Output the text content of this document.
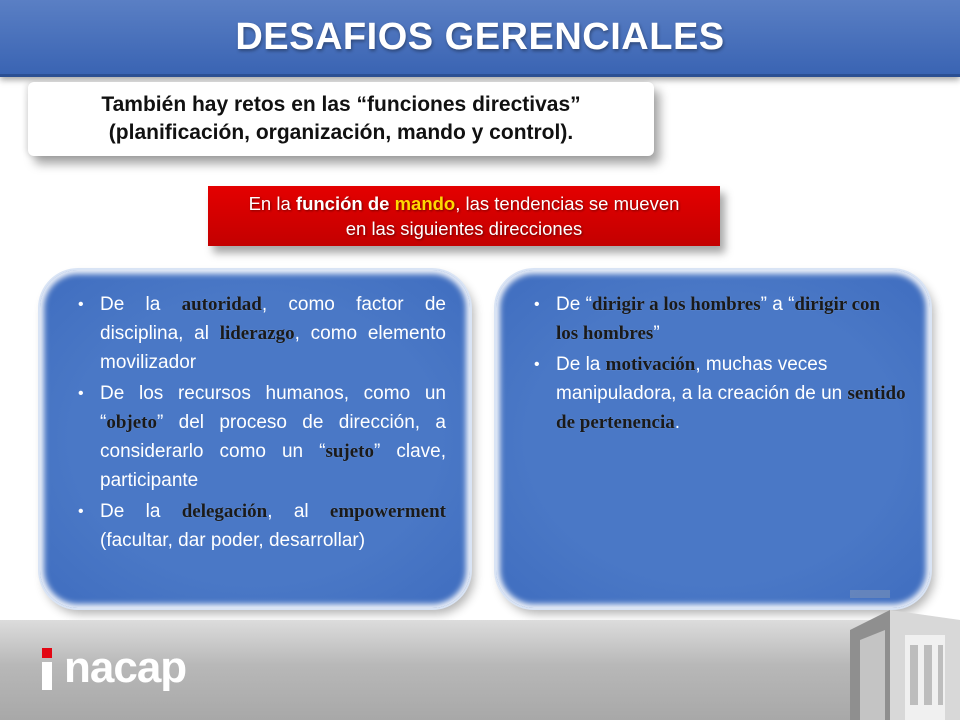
DESAFIOS GERENCIALES
También hay retos en las “funciones directivas”
(planificación, organización, mando y control).
En la función de mando, las tendencias se mueven
en las siguientes direcciones
• De la autoridad, como factor de disciplina, al liderazgo, como elemento movilizador
• De los recursos humanos, como un “objeto” del proceso de dirección, a considerarlo como un “sujeto” clave, participante
• De la delegación, al empowerment (facultar, dar poder, desarrollar)
• De “dirigir a los hombres” a “dirigir con los hombres”
• De la motivación, muchas veces manipuladora, a la creación de un sentido de pertenencia.
nacap
